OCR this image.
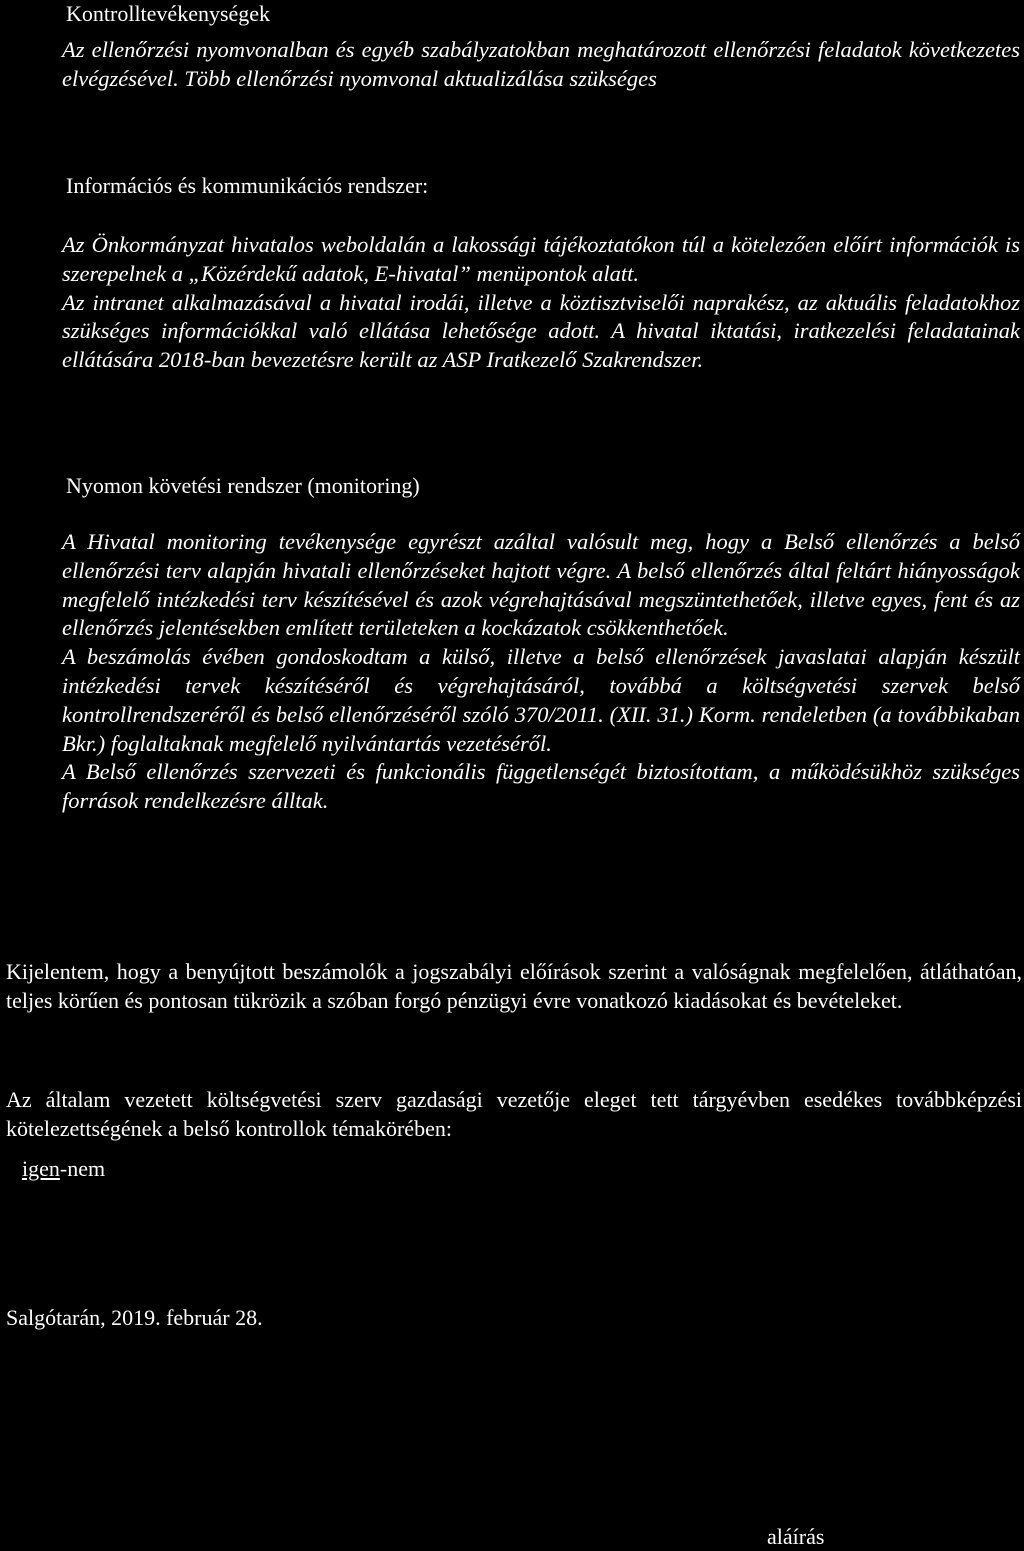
Kontrolltevékenységek

Az ellenőrzési nyomvonalban és egyéb szabályzatokban meghatározott ellenőrzési feladatok következetes elvégzésével. Több ellenőrzési nyomvonal aktualizálása szükséges

Információs és kommunikációs rendszer:

Az Önkormányzat hivatalos weboldalán a lakossági tájékoztatókon túl a kötelezően előírt információk is szerepelnek a „Közérdekű adatok, E-hivatal” menüpontok alatt.

Az intranet alkalmazásával a hivatal irodái, illetve a köztisztviselői naprakész, az aktuális feladatokhoz szükséges információkkal való ellátása lehetősége adott. A hivatal iktatási, iratkezelési feladatainak ellátására 2018-ban bevezetésre került az ASP Iratkezelő Szakrendszer.

Nyomon követési rendszer (monitoring)

A Hivatal monitoring tevékenysége egyrészt azáltal valósult meg, hogy a Belső ellenőrzés a belső ellenőrzési terv alapján hivatali ellenőrzéseket hajtott végre. A belső ellenőrzés által feltárt hiányosságok megfelelő intézkedési terv készítésével és azok végrehajtásával megszüntethetőek, illetve egyes, fent és az ellenőrzés jelentésekben említett területeken a kockázatok csökkenthetőek.

A beszámolás évében gondoskodtam a külső, illetve a belső ellenőrzések javaslatai alapján készült intézkedési tervek készítéséről és végrehajtásáról, továbbá a költségvetési szervek belső kontrollrendszeréről és belső ellenőrzéséről szóló 370/2011. (XII. 31.) Korm. rendeletben (a továbbikaban Bkr.) foglaltaknak megfelelő nyilvántartás vezetéséről.

A Belső ellenőrzés szervezeti és funkcionális függetlenségét biztosítottam, a működésükhöz szükséges források rendelkezésre álltak.

Kijelentem, hogy a benyújtott beszámolók a jogszabályi előírások szerint a valóságnak megfelelően, átláthatóan, teljes körűen és pontosan tükrözik a szóban forgó pénzügyi évre vonatkozó kiadásokat és bevételeket.

Az általam vezetett költségvetési szerv gazdasági vezetője eleget tett tárgyévben esedékes továbbképzési kötelezettségének a belső kontrollok témakörében:

igen-nem
Salgótarán, 2019. február 28.
aláírás
